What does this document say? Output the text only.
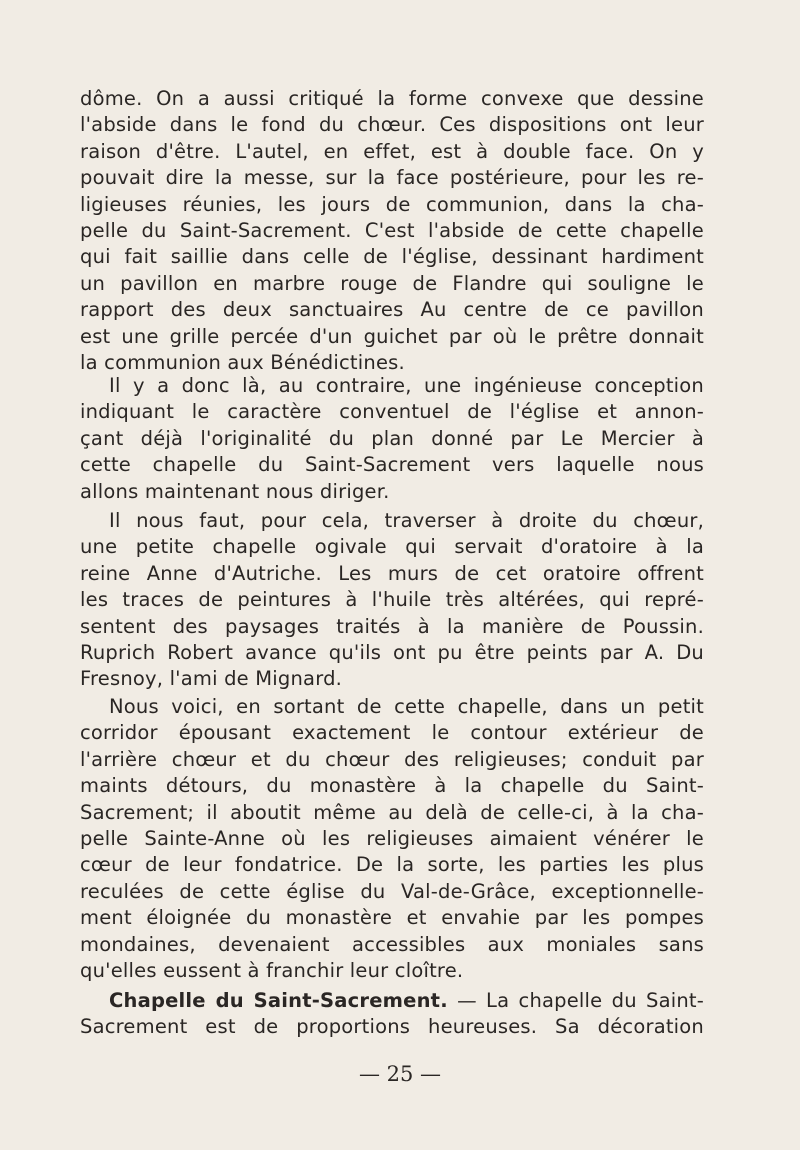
dôme. On a aussi critiqué la forme convexe que dessine
l'abside dans le fond du chœur. Ces dispositions ont leur
raison d'être. L'autel, en effet, est à double face. On y
pouvait dire la messe, sur la face postérieure, pour les re-
ligieuses réunies, les jours de communion, dans la cha-
pelle du Saint-Sacrement. C'est l'abside de cette chapelle
qui fait saillie dans celle de l'église, dessinant hardiment
un pavillon en marbre rouge de Flandre qui souligne le
rapport des deux sanctuaires Au centre de ce pavillon
est une grille percée d'un guichet par où le prêtre donnait
la communion aux Bénédictines.

Il y a donc là, au contraire, une ingénieuse conception
indiquant le caractère conventuel de l'église et annon-
çant déjà l'originalité du plan donné par Le Mercier à
cette chapelle du Saint-Sacrement vers laquelle nous
allons maintenant nous diriger.

Il nous faut, pour cela, traverser à droite du chœur,
une petite chapelle ogivale qui servait d'oratoire à la
reine Anne d'Autriche. Les murs de cet oratoire offrent
les traces de peintures à l'huile très altérées, qui repré-
sentent des paysages traités à la manière de Poussin.
Ruprich Robert avance qu'ils ont pu être peints par A. Du
Fresnoy, l'ami de Mignard.

Nous voici, en sortant de cette chapelle, dans un petit
corridor épousant exactement le contour extérieur de
l'arrière chœur et du chœur des religieuses; conduit par
maints détours, du monastère à la chapelle du Saint-
Sacrement; il aboutit même au delà de celle-ci, à la cha-
pelle Sainte-Anne où les religieuses aimaient vénérer le
cœur de leur fondatrice. De la sorte, les parties les plus
reculées de cette église du Val-de-Grâce, exceptionnelle-
ment éloignée du monastère et envahie par les pompes
mondaines, devenaient accessibles aux moniales sans
qu'elles eussent à franchir leur cloître.

Chapelle du Saint-Sacrement. — La chapelle du Saint-
Sacrement est de proportions heureuses. Sa décoration

— 25 —
